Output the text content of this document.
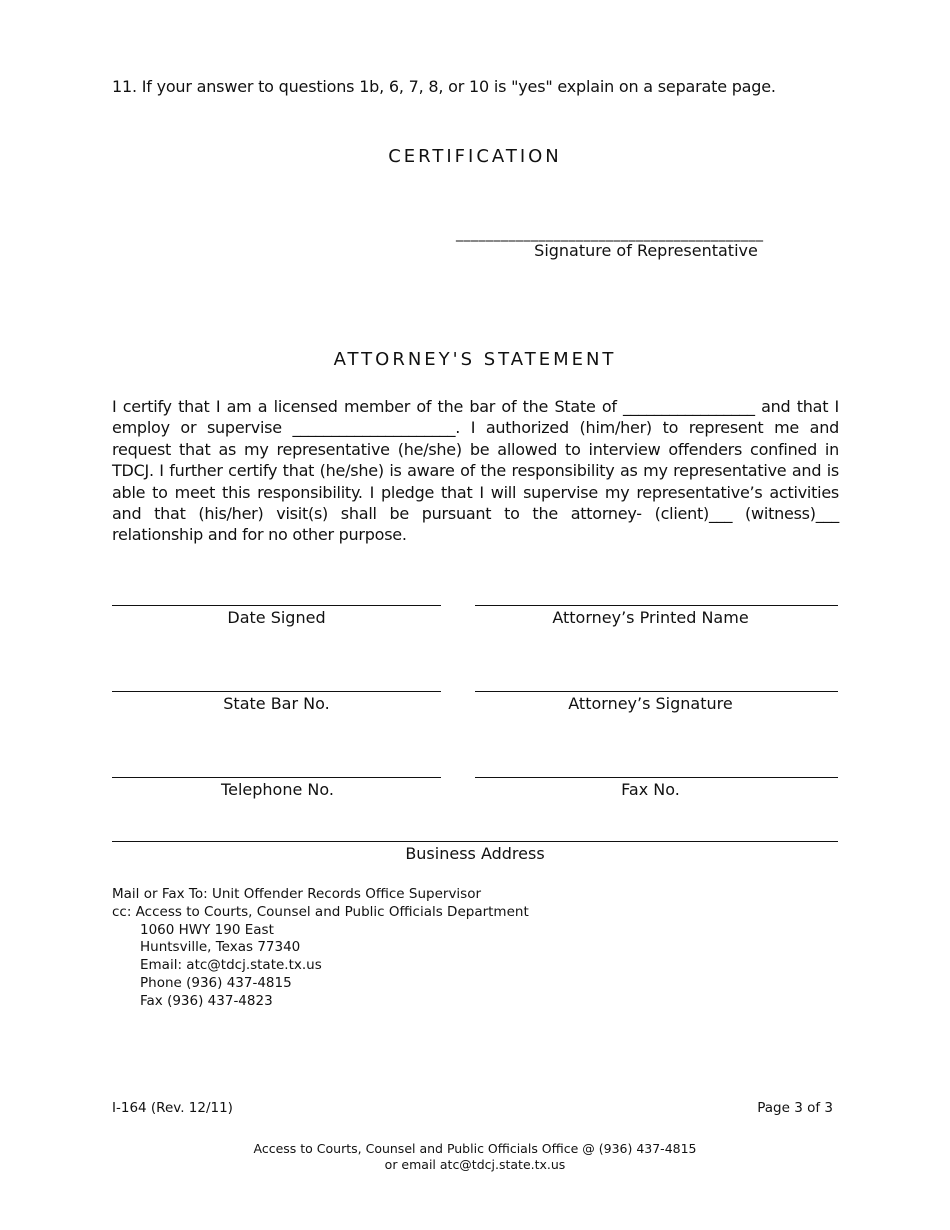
11. If your answer to questions 1b, 6, 7, 8, or 10 is "yes" explain on a separate page.
CERTIFICATION
_________________________________________
Signature of Representative
ATTORNEY'S STATEMENT
I certify that I am a licensed member of the bar of the State of _________________ and that I employ or supervise _____________________. I authorized (him/her) to represent me and request that as my representative (he/she) be allowed to interview offenders confined in TDCJ. I further certify that (he/she) is aware of the responsibility as my representative and is able to meet this responsibility. I pledge that I will supervise my representative’s activities and that (his/her) visit(s) shall be pursuant to the attorney- (client)___ (witness)___ relationship and for no other purpose.
Date Signed	Attorney’s Printed Name
State Bar No.	Attorney’s Signature
Telephone No.	Fax No.
Business Address
Mail or Fax To: Unit Offender Records Office Supervisor
cc: Access to Courts, Counsel and Public Officials Department
1060 HWY 190 East
Huntsville, Texas 77340
Email: atc@tdcj.state.tx.us
Phone (936) 437-4815
Fax (936) 437-4823
I-164 (Rev. 12/11)	Page 3 of 3
Access to Courts, Counsel and Public Officials Office @ (936) 437-4815
or email atc@tdcj.state.tx.us
